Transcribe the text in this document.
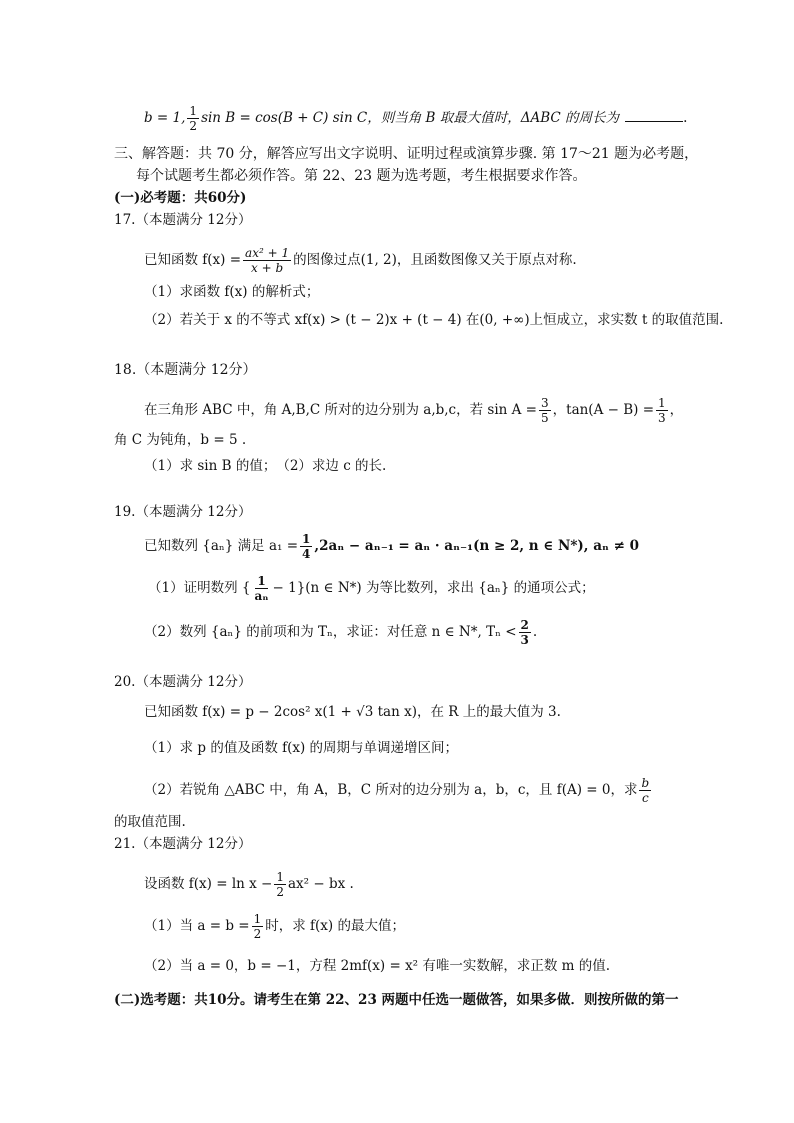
b = 1, $\frac{1}{2}$ sin B = cos(B + C) sin C，则当角 B 取最大值时，ΔABC 的周长为	.
三、解答题：共 70 分，解答应写出文字说明、证明过程或演算步骤. 第 17～21 题为必考题，
每个试题考生都必须作答。第 22、23 题为选考题，考生根据要求作答。
(一)必考题：共60分)
17.（本题满分 12分）
已知函数 $f(x) = \frac{\text{ax² + 1}}{x + b}$ 的图像过点(1, 2)，且函数图像又关于原点对称.
（1）求函数 f(x) 的解析式；
（2）若关于 x 的不等式 xf(x) > (t − 2)x + (t − 4) 在(0, +∞)上恒成立，求实数 t 的取值范围.
18.（本题满分 12分）
在三角形 ABC 中，角 A,B,C 所对的边分别为 a,b,c，若 $\sin A = \frac{3}{5}$ ，$\tan(A - B) = \frac{1}{3}$ ，
角 C 为钝角，b = 5 .
（1）求 sin B 的值；　（2）求边 c 的长.
19.（本题满分 12分）
已知数列 {aₙ} 满足 $a_1 = \frac{1}{4} ,2a_n - a_{n-1} = a_n \cdot a_{n-1}(n \ge 2$, n ∈ N*), aₙ ≠ 0
（1）证明数列 { $\frac{1}{\text{aₙ}} - 1\}(n$ ∈ N*) 为等比数列，求出 {aₙ} 的通项公式；
（2）数列 {aₙ} 的前项和为 Tₙ，求证：对任意 n ∈ N*, $T_n < \frac{2}{3}$ .
20.（本题满分 12分）
已知函数 f(x) = p − 2cos² x(1 + √3 tan x)，在 R 上的最大值为 3.
（1）求 p 的值及函数 f(x) 的周期与单调递增区间；
（2）若锐角 △ABC 中，角 A，B，C 所对的边分别为 a，b，c，且 f(A) = 0，求 $\frac{b}{c}$
的取值范围.
21.（本题满分 12分）
设函数 $f(x) = \ln x - \frac{1}{2} ax^2$ − bx .
（1）当 $a = b = \frac{1}{2}$ 时，求 f(x) 的最大值；
（2）当 a = 0，b = −1，方程 2mf(x) = x² 有唯一实数解，求正数 m 的值.
(二)选考题：共10分。请考生在第 22、23 两题中任选一题做答，如果多做．则按所做的第一
